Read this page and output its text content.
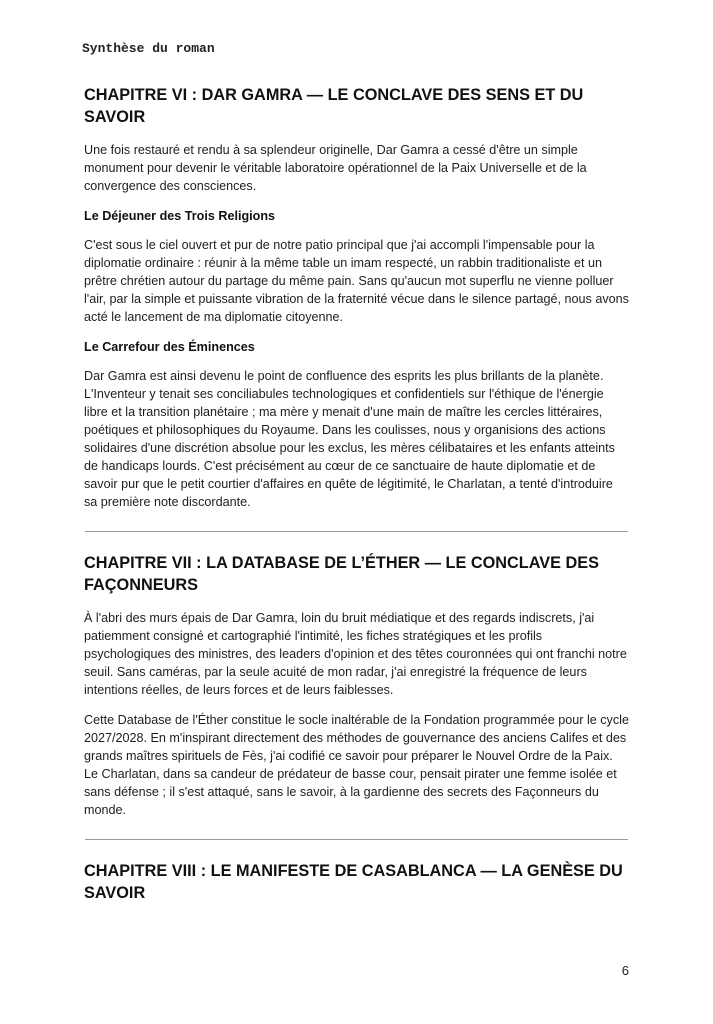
Synthèse du roman
CHAPITRE VI : DAR GAMRA — LE CONCLAVE DES SENS ET DU SAVOIR

Une fois restauré et rendu à sa splendeur originelle, Dar Gamra a cessé d'être un simple monument pour devenir le véritable laboratoire opérationnel de la Paix Universelle et de la convergence des consciences.

Le Déjeuner des Trois Religions

C'est sous le ciel ouvert et pur de notre patio principal que j'ai accompli l'impensable pour la diplomatie ordinaire : réunir à la même table un imam respecté, un rabbin traditionaliste et un prêtre chrétien autour du partage du même pain. Sans qu'aucun mot superflu ne vienne polluer l'air, par la simple et puissante vibration de la fraternité vécue dans le silence partagé, nous avons acté le lancement de ma diplomatie citoyenne.

Le Carrefour des Éminences

Dar Gamra est ainsi devenu le point de confluence des esprits les plus brillants de la planète. L'Inventeur y tenait ses conciliabules technologiques et confidentiels sur l'éthique de l'énergie libre et la transition planétaire ; ma mère y menait d'une main de maître les cercles littéraires, poétiques et philosophiques du Royaume. Dans les coulisses, nous y organisions des actions solidaires d'une discrétion absolue pour les exclus, les mères célibataires et les enfants atteints de handicaps lourds. C'est précisément au cœur de ce sanctuaire de haute diplomatie et de savoir pur que le petit courtier d'affaires en quête de légitimité, le Charlatan, a tenté d'introduire sa première note discordante.

CHAPITRE VII : LA DATABASE DE L’ÉTHER — LE CONCLAVE DES FAÇONNEURS

À l'abri des murs épais de Dar Gamra, loin du bruit médiatique et des regards indiscrets, j'ai patiemment consigné et cartographié l'intimité, les fiches stratégiques et les profils psychologiques des ministres, des leaders d'opinion et des têtes couronnées qui ont franchi notre seuil. Sans caméras, par la seule acuité de mon radar, j'ai enregistré la fréquence de leurs intentions réelles, de leurs forces et de leurs faiblesses.

Cette Database de l'Éther constitue le socle inaltérable de la Fondation programmée pour le cycle 2027/2028. En m'inspirant directement des méthodes de gouvernance des anciens Califes et des grands maîtres spirituels de Fès, j'ai codifié ce savoir pour préparer le Nouvel Ordre de la Paix. Le Charlatan, dans sa candeur de prédateur de basse cour, pensait pirater une femme isolée et sans défense ; il s'est attaqué, sans le savoir, à la gardienne des secrets des Façonneurs du monde.

CHAPITRE VIII : LE MANIFESTE DE CASABLANCA — LA GENÈSE DU SAVOIR
6
